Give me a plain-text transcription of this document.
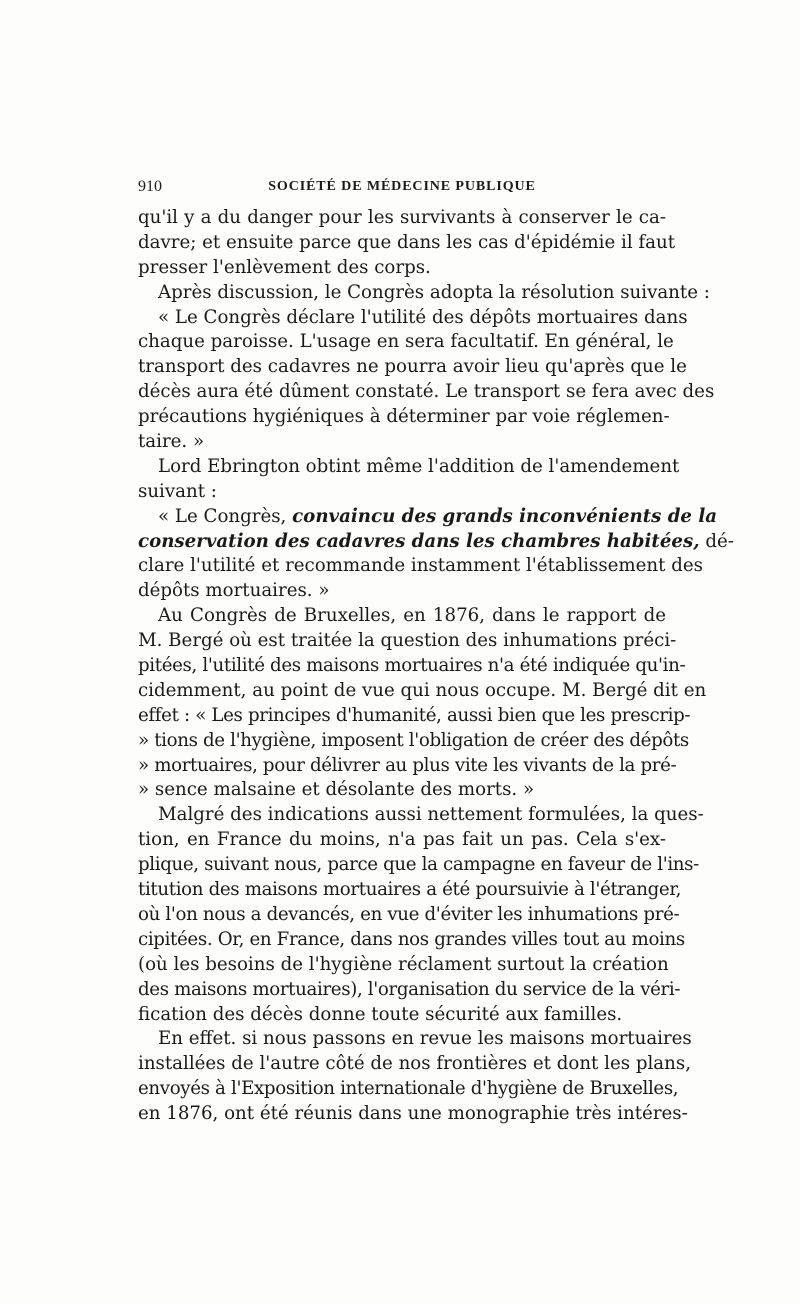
910	SOCIÉTÉ DE MÉDECINE PUBLIQUE
qu'il y a du danger pour les survivants à conserver le ca-
davre; et ensuite parce que dans les cas d'épidémie il faut
presser l'enlèvement des corps.
Après discussion, le Congrès adopta la résolution suivante :
« Le Congrès déclare l'utilité des dépôts mortuaires dans
chaque paroisse. L'usage en sera facultatif. En général, le
transport des cadavres ne pourra avoir lieu qu'après que le
décès aura été dûment constaté. Le transport se fera avec des
précautions hygiéniques à déterminer par voie réglemen-
taire. »
Lord Ebrington obtint même l'addition de l'amendement
suivant :
« Le Congrès, convaincu des grands inconvénients de la
conservation des cadavres dans les chambres habitées, dé-
clare l'utilité et recommande instamment l'établissement des
dépôts mortuaires. »
Au Congrès de Bruxelles, en 1876, dans le rapport de
M. Bergé où est traitée la question des inhumations préci-
pitées, l'utilité des maisons mortuaires n'a été indiquée qu'in-
cidemment, au point de vue qui nous occupe. M. Bergé dit en
effet : « Les principes d'humanité, aussi bien que les prescrip-
» tions de l'hygiène, imposent l'obligation de créer des dépôts
» mortuaires, pour délivrer au plus vite les vivants de la pré-
» sence malsaine et désolante des morts. »
Malgré des indications aussi nettement formulées, la ques-
tion, en France du moins, n'a pas fait un pas. Cela s'ex-
plique, suivant nous, parce que la campagne en faveur de l'ins-
titution des maisons mortuaires a été poursuivie à l'étranger,
où l'on nous a devancés, en vue d'éviter les inhumations pré-
cipitées. Or, en France, dans nos grandes villes tout au moins
(où les besoins de l'hygiène réclament surtout la création
des maisons mortuaires), l'organisation du service de la véri-
fication des décès donne toute sécurité aux familles.
En effet. si nous passons en revue les maisons mortuaires
installées de l'autre côté de nos frontières et dont les plans,
envoyés à l'Exposition internationale d'hygiène de Bruxelles,
en 1876, ont été réunis dans une monographie très intéres-
